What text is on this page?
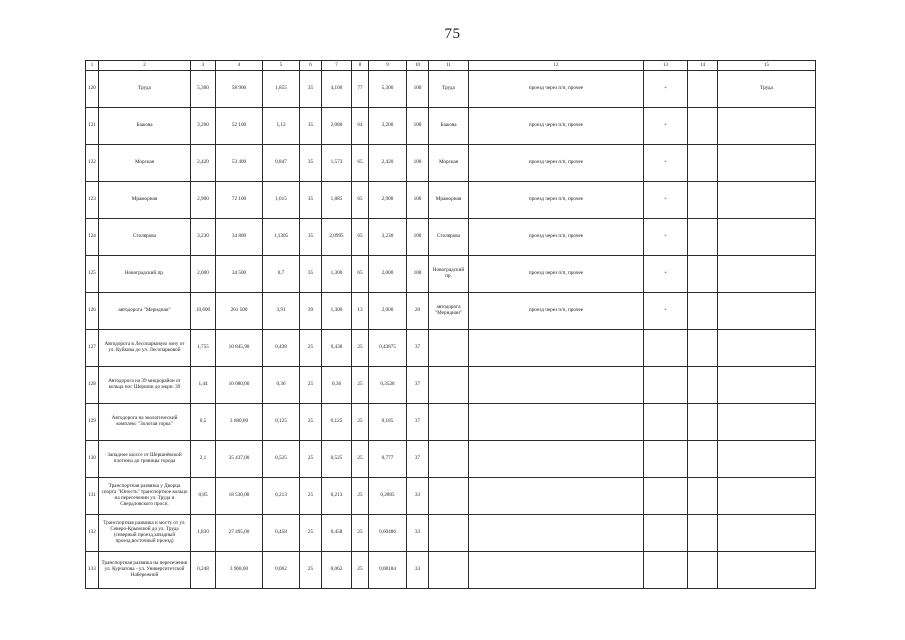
75
1	2	3	4	5	6	7	8	9	10	11	12	13	14	15
120	Труда	5,300	58 900	1,855	35	4,100	77	5,300	100	Труда	проезд через п/п, прочее	+		Труда
121	Бажова	3,200	52 100	1,12	35	2,080	64	3,200	100	Бажова	проезд через п/п, прочее	+		
122	Морская	2,420	53 400	0,847	35	1,573	65	2,420	100	Морская	проезд через п/п, прочее	+		
123	Мраморная	2,900	72 100	1,015	35	1,885	65	2,900	100	Мраморная	проезд через п/п, прочее	+		
124	Столярова	3,230	34 800	1,1305	35	2,0995	65	3,230	100	Столярова	проезд через п/п, прочее	+		
125	Новоградский пр.	2,000	34 500	0,7	35	1,300	65	2,000	100	Новоградский пр.	проезд через п/п, прочее	+		
126	автодорога "Меридиан"	10,600	201 500	3,91	39	1,300	13	2,000	20	автодорога "Меридиан"	проезд через п/п, прочее	+		
127	Автодорога в Лесопарковую зону от ул. Куйкова до ул. Лесопарковой	1,755	10 845,90	0,438	25	0,438	25	0,43875	37					
128	Автодорога на 39 микрорайон от кольца пос Шершни до мкрн. 39	1,44	10 080,00	0,36	25	0,36	25	0,3528	37					
129	Автодорога на экологический комплекс "Золотая горка"	0,5	3 680,00	0,125	25	0,125	25	0,185	37					
130	Западное шоссе от Шершнёвской плотины до границы города	2,1	35 437,00	0,525	25	0,525	25	0,777	37					
131	Транспортная развязка у Дворца спорта "Юность" транспортное кольцо на пересечении ул. Труда и Свердловского просп.	0,85	18 530,00	0,213	25	0,213	25	0,2805	33					
132	Транспортная развязка и мосту от ул. Северо-Крымской до ул. Труда (северный проезд,западный проезд,восточный проезд)	1,830	27 495,00	0,458	25	0,458	25	0,60486	33					
133	Транспортная развязка на пересечении ул. Курчатова - ул. Университетской Набережной	0,248	3 968,00	0,062	25	0,062	25	0,08184	33					
